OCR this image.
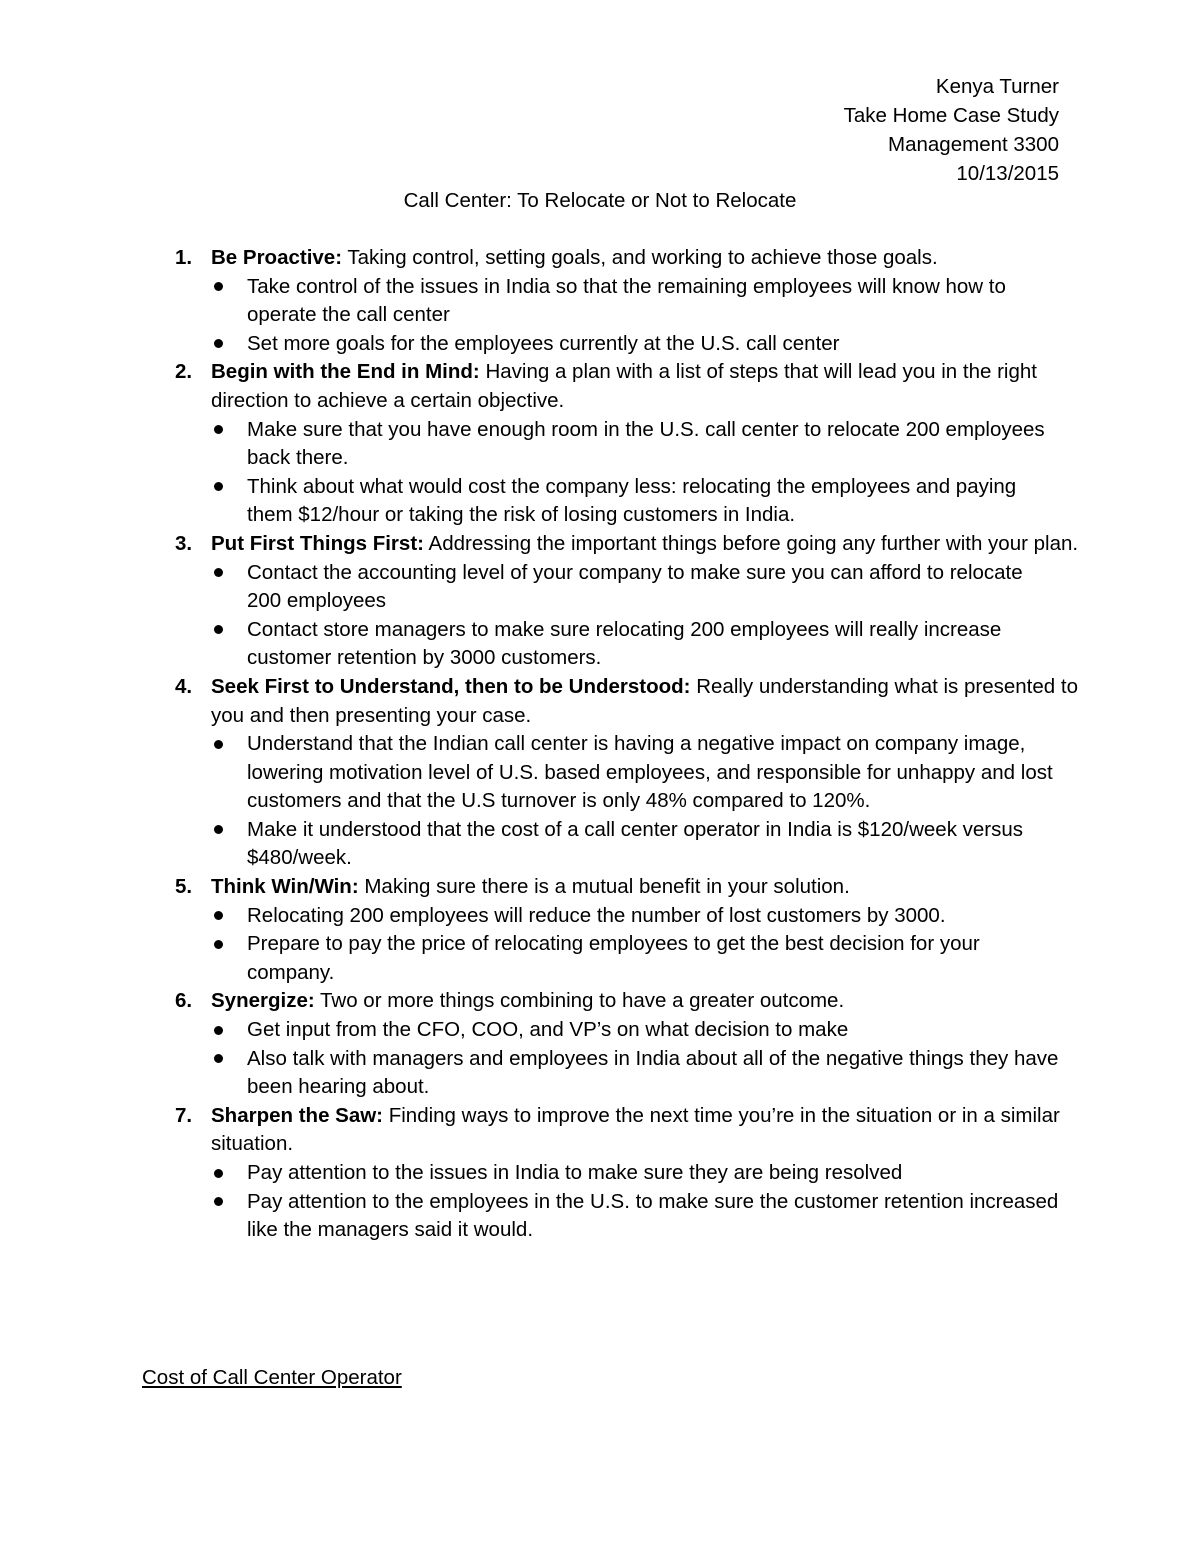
Kenya Turner
Take Home Case Study
Management 3300
10/13/2015
Call Center: To Relocate or Not to Relocate
1. Be Proactive: Taking control, setting goals, and working to achieve those goals.
Take control of the issues in India so that the remaining employees will know how to operate the call center
Set more goals for the employees currently at the U.S. call center
2. Begin with the End in Mind: Having a plan with a list of steps that will lead you in the right direction to achieve a certain objective.
Make sure that you have enough room in the U.S. call center to relocate 200 employees back there.
Think about what would cost the company less: relocating the employees and paying them $12/hour or taking the risk of losing customers in India.
3. Put First Things First: Addressing the important things before going any further with your plan.
Contact the accounting level of your company to make sure you can afford to relocate 200 employees
Contact store managers to make sure relocating 200 employees will really increase customer retention by 3000 customers.
4. Seek First to Understand, then to be Understood: Really understanding what is presented to you and then presenting your case.
Understand that the Indian call center is having a negative impact on company image, lowering motivation level of U.S. based employees, and responsible for unhappy and lost customers and that the U.S turnover is only 48% compared to 120%.
Make it understood that the cost of a call center operator in India is $120/week versus $480/week.
5. Think Win/Win: Making sure there is a mutual benefit in your solution.
Relocating 200 employees will reduce the number of lost customers by 3000.
Prepare to pay the price of relocating employees to get the best decision for your company.
6. Synergize: Two or more things combining to have a greater outcome.
Get input from the CFO, COO, and VP’s on what decision to make
Also talk with managers and employees in India about all of the negative things they have been hearing about.
7. Sharpen the Saw: Finding ways to improve the next time you’re in the situation or in a similar situation.
Pay attention to the issues in India to make sure they are being resolved
Pay attention to the employees in the U.S. to make sure the customer retention increased like the managers said it would.
Cost of Call Center Operator
